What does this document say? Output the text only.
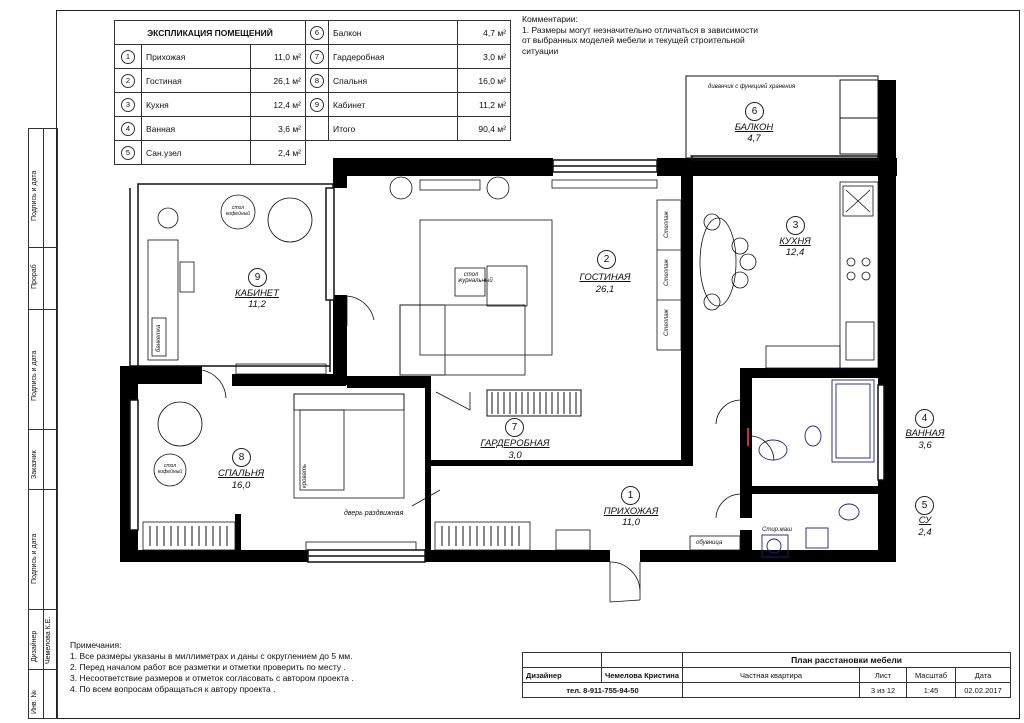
Подпись и дата
Прораб
Подпись и дата
Заказчик
Подпись и дата
Дизайнер Чемелова К.Е.
Инв. №
ЭКСПЛИКАЦИЯ ПОМЕЩЕНИЙ			6	Балкон	4,7 м²
1	Прихожая	11,0 м²	7	Гардеробная	3,0 м²
2	Гостиная	26,1 м²	8	Спальня	16,0 м²
3	Кухня	12,4 м²	9	Кабинет	11,2 м²
4	Ванная	3,6 м²		Итого	90,4 м²
5	Сан.узел	2,4 м²			
Комментарии:
1. Размеры могут незначительно отличаться в зависимости
от выбранных моделей мебели и текущей строительной
ситуации
1
ПРИХОЖАЯ
11,0
2
ГОСТИНАЯ
26,1
3
КУХНЯ
12,4
4
ВАННАЯ
3,6
5
СУ
2,4
6
БАЛКОН
4,7
7
ГАРДЕРОБНАЯ
3,0
8
СПАЛЬНЯ
16,0
9
КАБИНЕТ
11,2
диванчик с функцией хранения
стол журнальный
Стеллаж
Стеллаж
Стеллаж
дверь раздвижная
кровать
банкетка
обувница
Стир.маш
стол кофейный
стол кофейный
Примечания:
1. Все размеры указаны в миллиметрах и даны с округлением до 5 мм.
2. Перед началом работ все разметки и отметки проверить по месту .
3. Несоответствие размеров и отметок согласовать с автором проекта .
4. По всем вопросам обращаться к автору проекта .
		План расстановки мебели			
Дизайнер	Чемелова Кристина	Частная квартира	Лист	Масштаб	Дата
тел. 8-911-755-94-50			3 из 12	1:45	02.02.2017
